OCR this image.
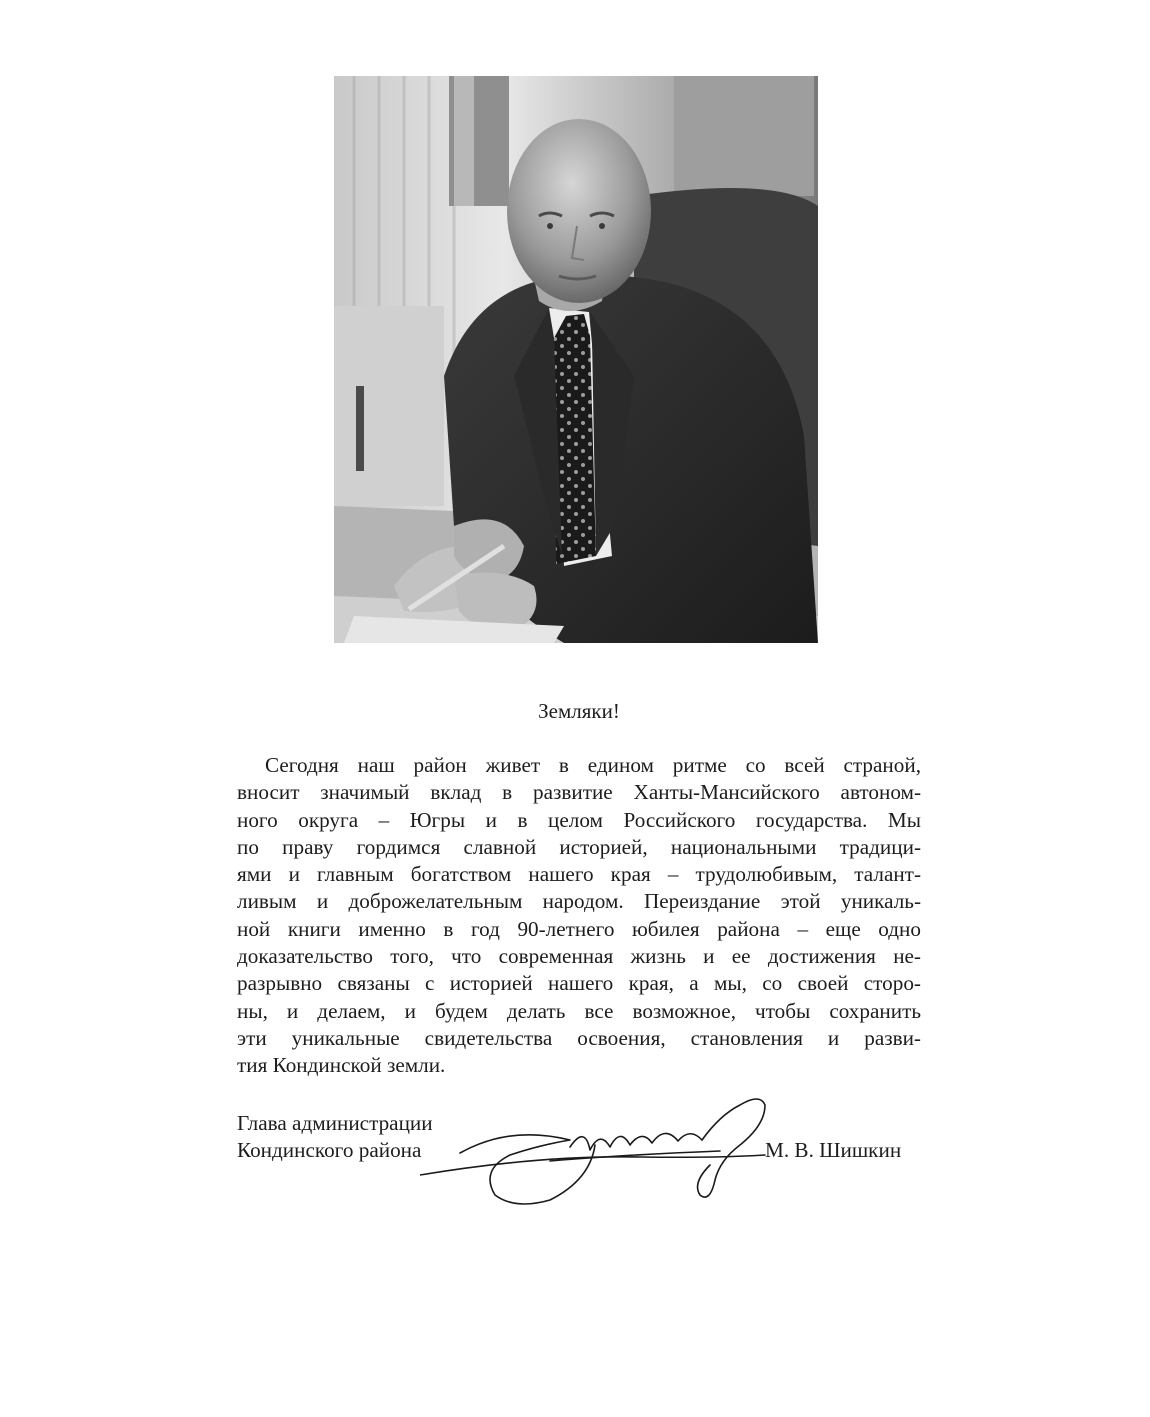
Земляки!
Сегодня наш район живет в едином ритме со всей страной,
вносит значимый вклад в развитие Ханты-Мансийского автоном-
ного округа – Югры и в целом Российского государства. Мы
по праву гордимся славной историей, национальными традици-
ями и главным богатством нашего края – трудолюбивым, талант-
ливым и доброжелательным народом. Переиздание этой уникаль-
ной книги именно в год 90-летнего юбилея района – еще одно
доказательство того, что современная жизнь и ее достижения не-
разрывно связаны с историей нашего края, а мы, со своей сторо-
ны, и делаем, и будем делать все возможное, чтобы сохранить
эти уникальные свидетельства освоения, становления и разви-
тия Кондинской земли.
Глава администрации
Кондинского района	М. В. Шишкин
